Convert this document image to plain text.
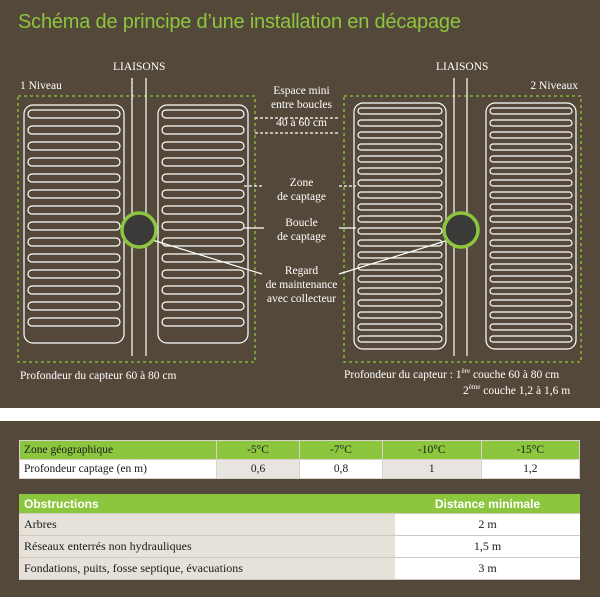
Schéma de principe d’une installation en décapage
1 Niveau	2 Niveaux
LIAISONS	LIAISONS
Espace mini
entre boucles
40 à 60 cm
Zone
de captage
Boucle
de captage
Regard
de maintenance
avec collecteur
Profondeur du capteur 60 à 80 cm	Profondeur du capteur : 1ère couche 60 à 80 cm
2ème couche 1,2 à 1,6 m
Zone géographique	-5°C	-7°C	-10°C	-15°C
Profondeur captage (en m)	0,6	0,8	1	1,2
Obstructions	Distance minimale
Arbres	2 m
Réseaux enterrés non hydrauliques	1,5 m
Fondations, puits, fosse septique, évacuations	3 m
